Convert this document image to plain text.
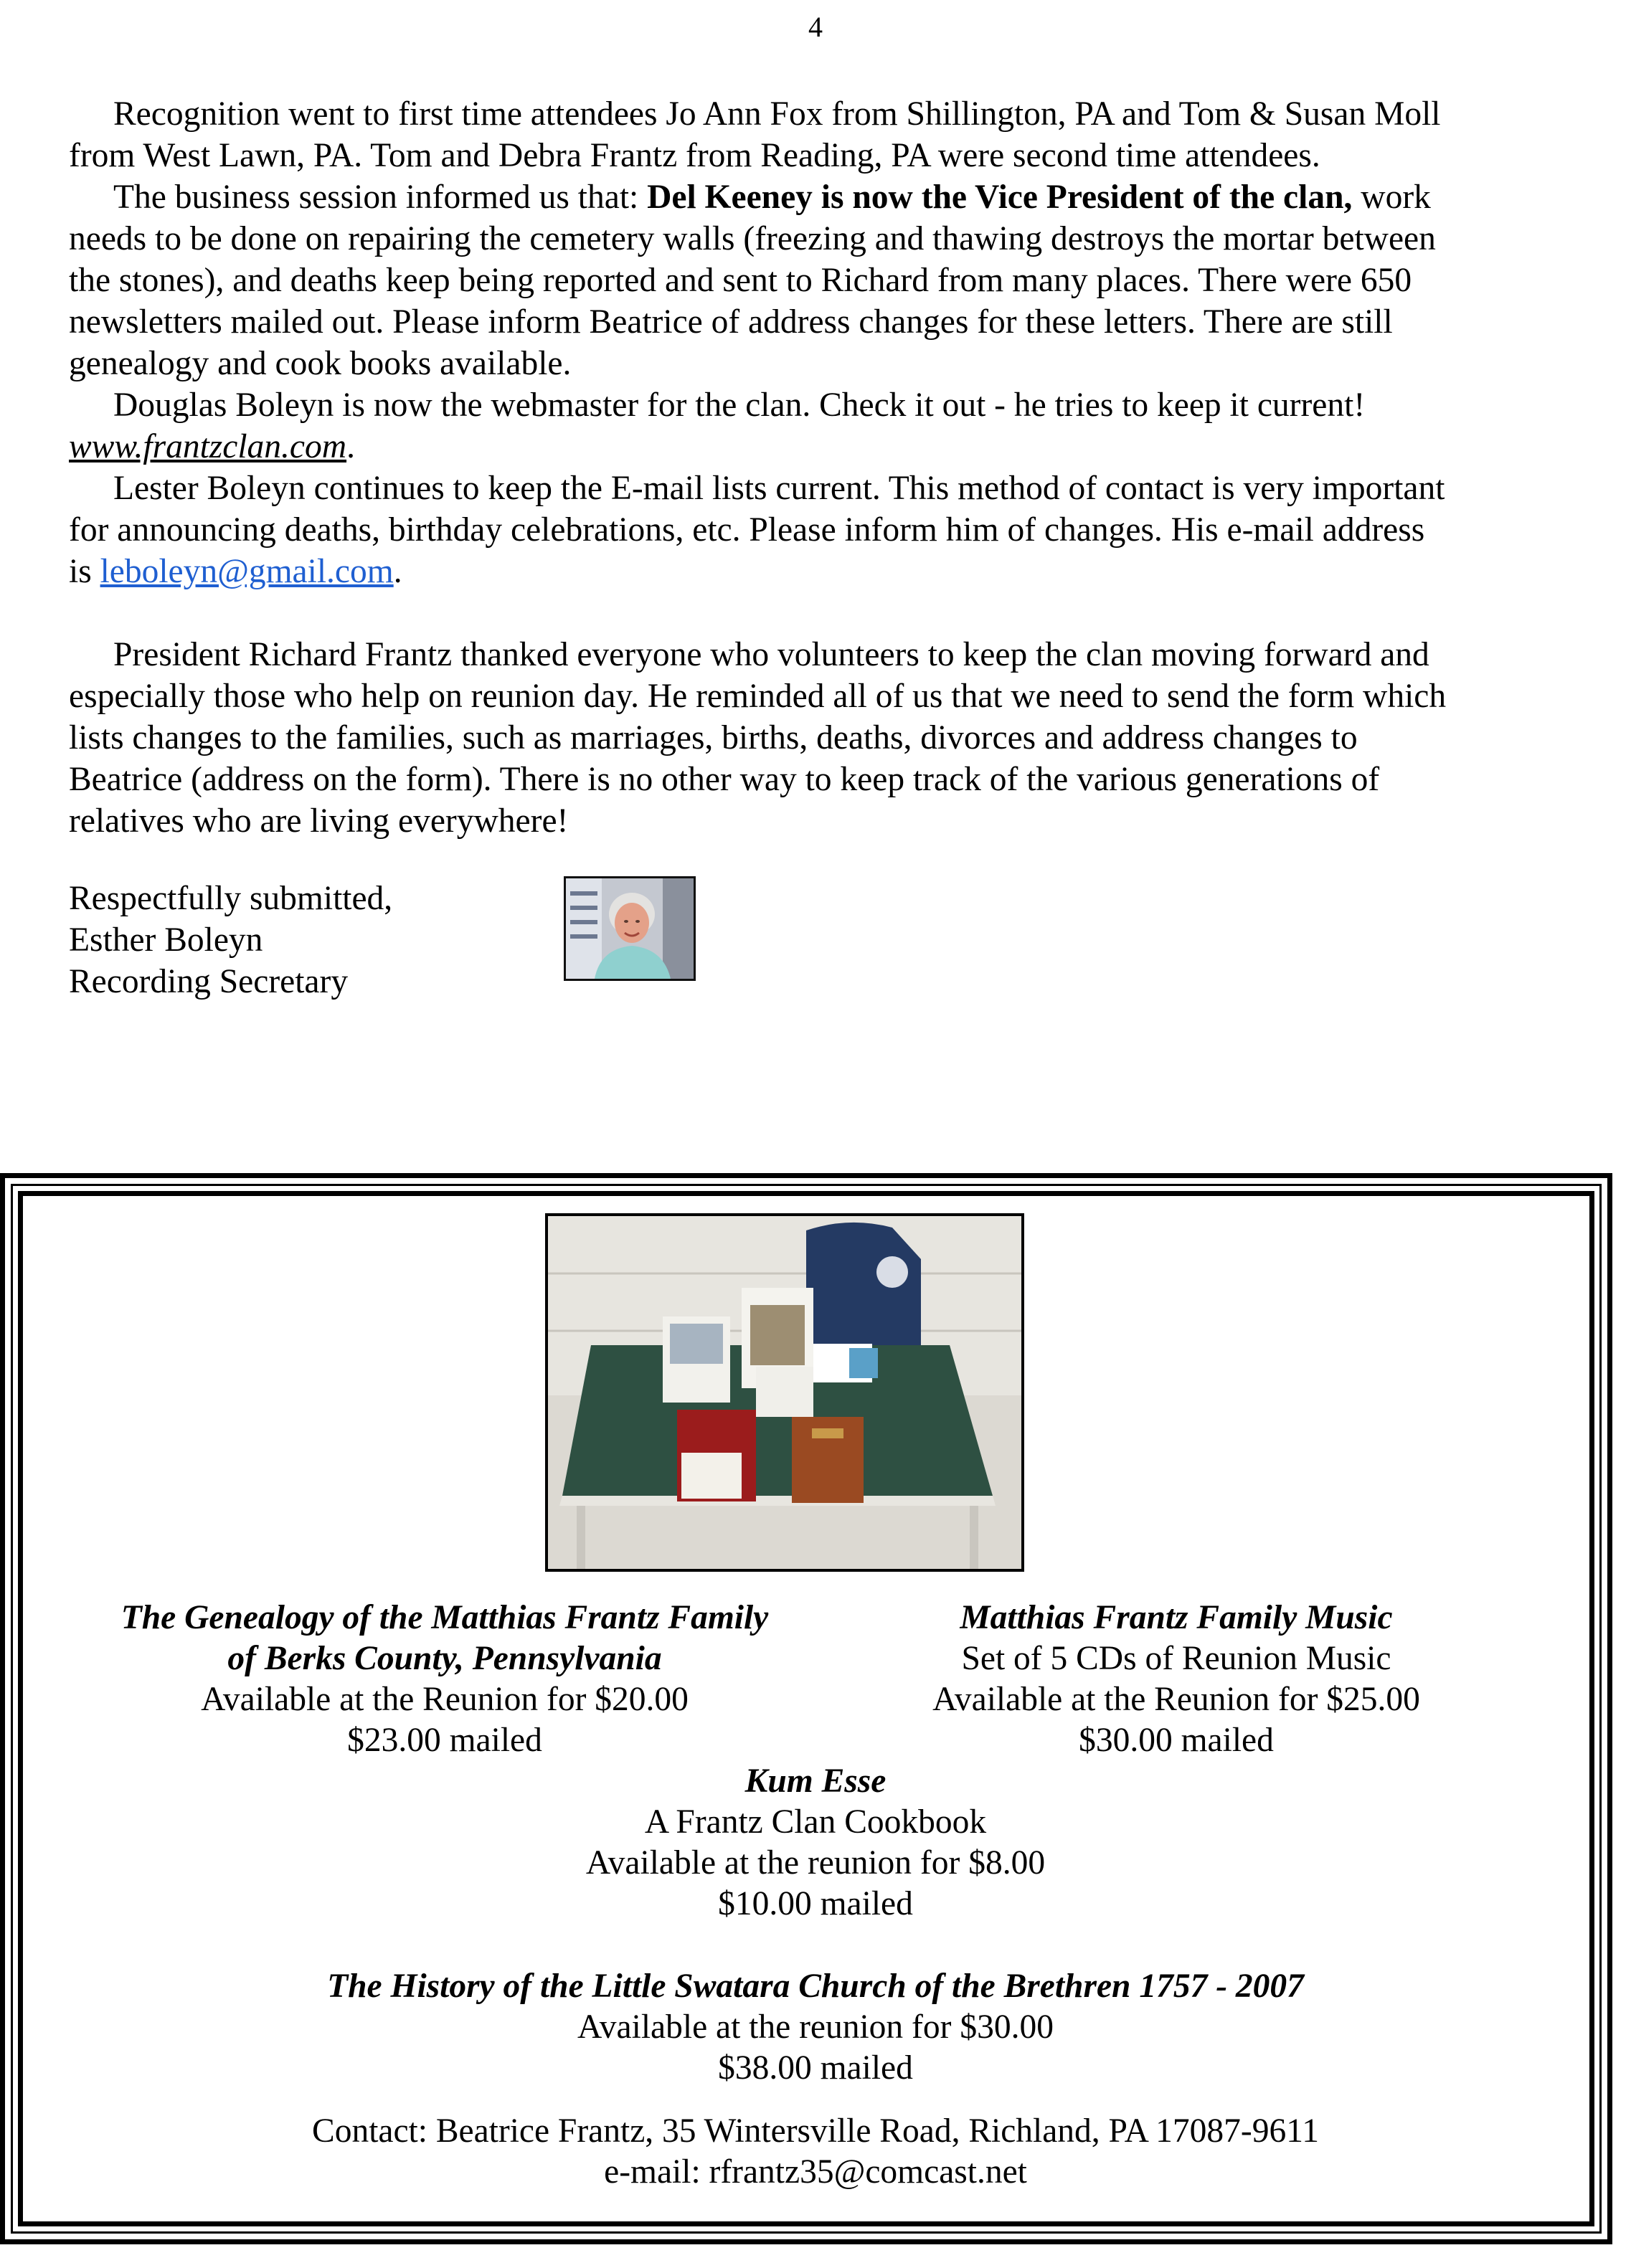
4

Recognition went to first time attendees Jo Ann Fox from Shillington, PA and Tom & Susan Moll

from West Lawn, PA. Tom and Debra Frantz from Reading, PA were second time attendees.

The business session informed us that: Del Keeney is now the Vice President of the clan, work

needs to be done on repairing the cemetery walls (freezing and thawing destroys the mortar between

the stones), and deaths keep being reported and sent to Richard from many places. There were 650

newsletters mailed out. Please inform Beatrice of address changes for these letters. There are still

genealogy and cook books available.

Douglas Boleyn is now the webmaster for the clan. Check it out - he tries to keep it current!

www.frantzclan.com.

Lester Boleyn continues to keep the E-mail lists current. This method of contact is very important

for announcing deaths, birthday celebrations, etc. Please inform him of changes. His e-mail address

is leboleyn@gmail.com.

President Richard Frantz thanked everyone who volunteers to keep the clan moving forward and

especially those who help on reunion day. He reminded all of us that we need to send the form which

lists changes to the families, such as marriages, births, deaths, divorces and address changes to

Beatrice (address on the form). There is no other way to keep track of the various generations of

relatives who are living everywhere!

Respectfully submitted,
Esther Boleyn
Recording Secretary
The Genealogy of the Matthias Frantz Family
of Berks County, Pennsylvania
Available at the Reunion for $20.00
$23.00 mailed
Matthias Frantz Family Music
Set of 5 CDs of Reunion Music
Available at the Reunion for $25.00
$30.00 mailed
Kum Esse
A Frantz Clan Cookbook
Available at the reunion for $8.00
$10.00 mailed
The History of the Little Swatara Church of the Brethren 1757 - 2007
Available at the reunion for $30.00
$38.00 mailed
Contact: Beatrice Frantz, 35 Wintersville Road, Richland, PA 17087-9611
e-mail: rfrantz35@comcast.net
